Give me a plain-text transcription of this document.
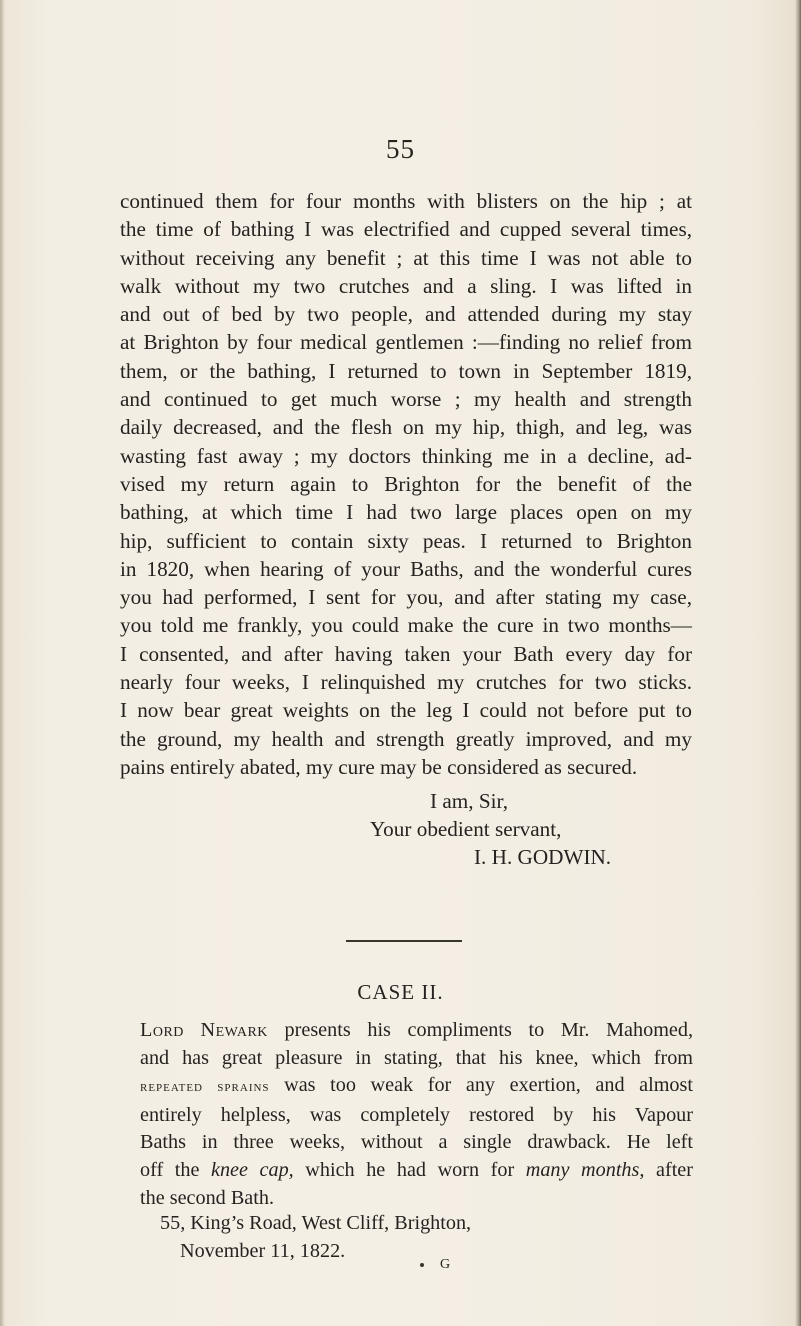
55
continued them for four months with blisters on the hip ; at
the time of bathing I was electrified and cupped several times,
without receiving any benefit ; at this time I was not able to
walk without my two crutches and a sling. I was lifted in
and out of bed by two people, and attended during my stay
at Brighton by four medical gentlemen :—finding no relief from
them, or the bathing, I returned to town in September 1819,
and continued to get much worse ; my health and strength
daily decreased, and the flesh on my hip, thigh, and leg, was
wasting fast away ; my doctors thinking me in a decline, ad-
vised my return again to Brighton for the benefit of the
bathing, at which time I had two large places open on my
hip, sufficient to contain sixty peas. I returned to Brighton
in 1820, when hearing of your Baths, and the wonderful cures
you had performed, I sent for you, and after stating my case,
you told me frankly, you could make the cure in two months—
I consented, and after having taken your Bath every day for
nearly four weeks, I relinquished my crutches for two sticks.
I now bear great weights on the leg I could not before put to
the ground, my health and strength greatly improved, and my
pains entirely abated, my cure may be considered as secured.
I am, Sir,
Your obedient servant,
I. H. GODWIN.
CASE II.
Lord Newark presents his compliments to Mr. Mahomed,
and has great pleasure in stating, that his knee, which from
repeated sprains was too weak for any exertion, and almost
entirely helpless, was completely restored by his Vapour
Baths in three weeks, without a single drawback. He left
off the knee cap, which he had worn for many months, after
the second Bath.
55, King’s Road, West Cliff, Brighton,
November 11, 1822.
G
